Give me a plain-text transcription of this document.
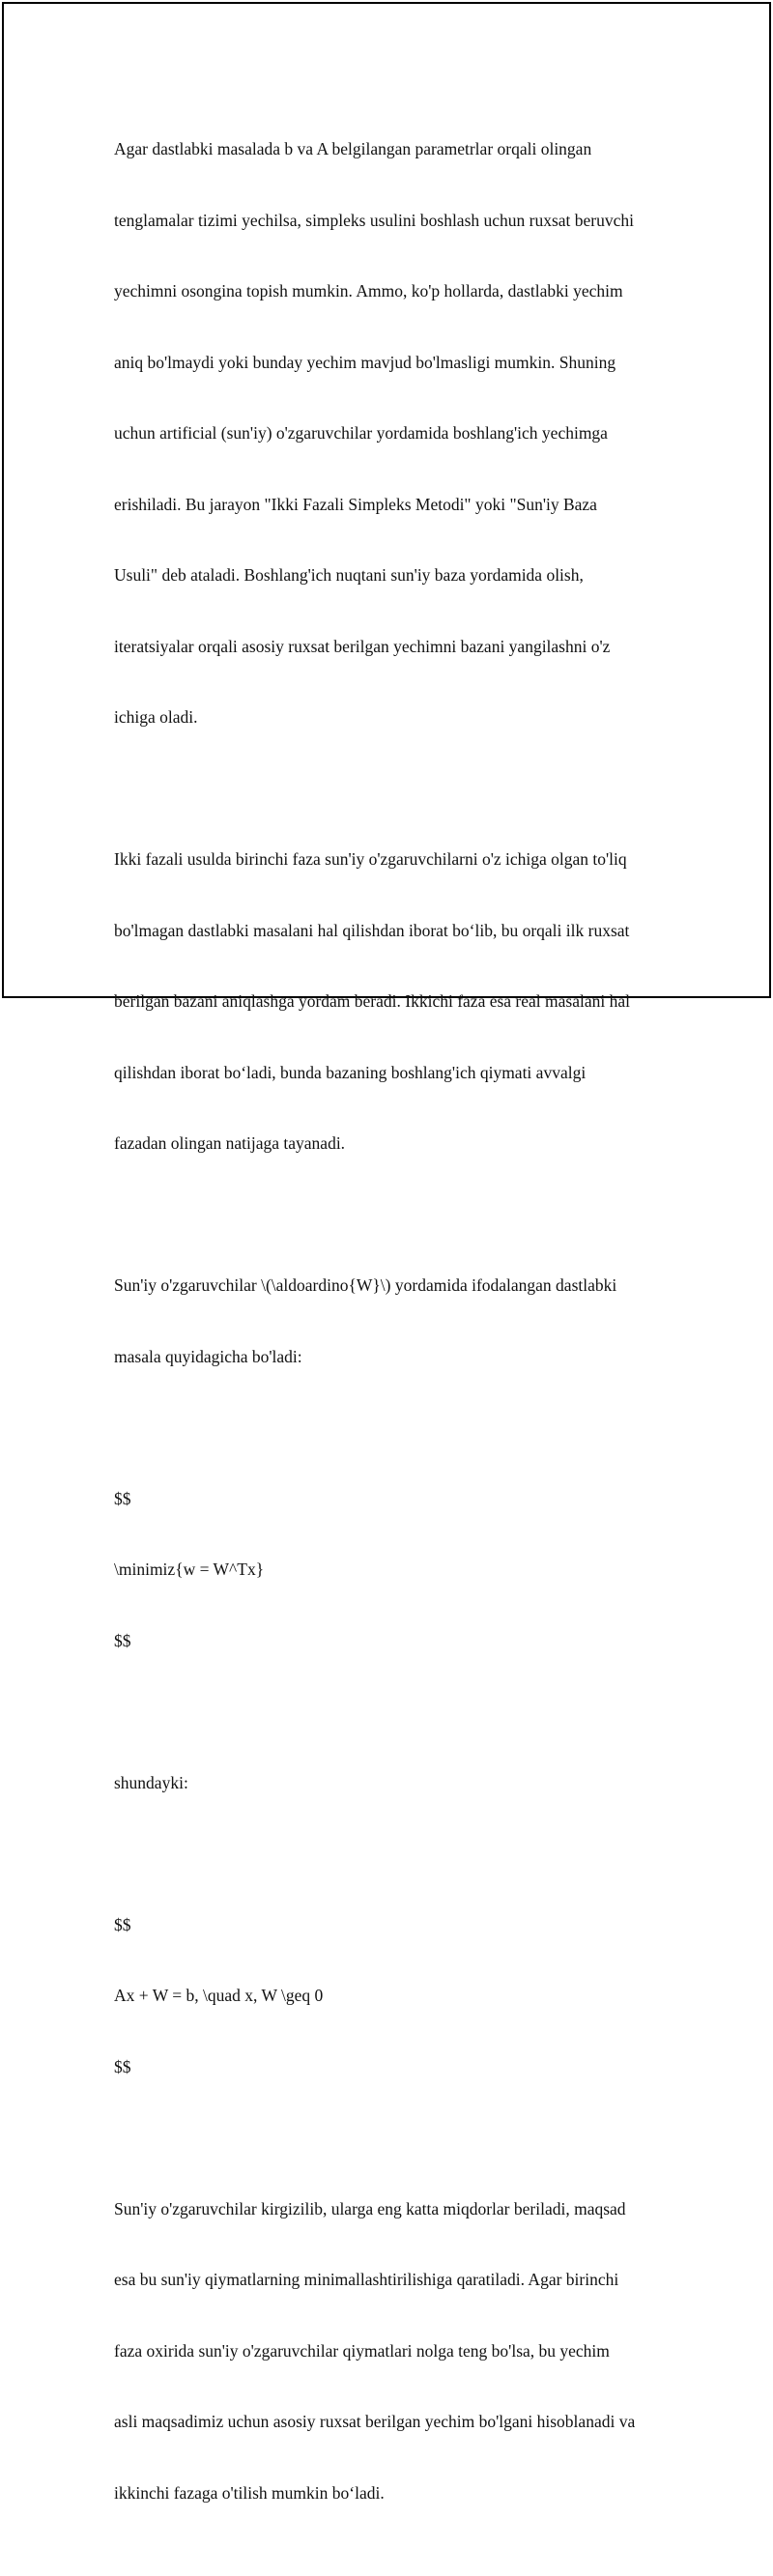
Agar dastlabki masalada b va A belgilangan parametrlar orqali olingan

tenglamalar tizimi yechilsa, simpleks usulini boshlash uchun ruxsat beruvchi

yechimni osongina topish mumkin. Ammo, ko'p hollarda, dastlabki yechim

aniq bo'lmaydi yoki bunday yechim mavjud bo'lmasligi mumkin. Shuning

uchun artificial (sun'iy) o'zgaruvchilar yordamida boshlang'ich yechimga

erishiladi. Bu jarayon "Ikki Fazali Simpleks Metodi" yoki "Sun'iy Baza

Usuli" deb ataladi. Boshlang'ich nuqtani sun'iy baza yordamida olish,

iteratsiyalar orqali asosiy ruxsat berilgan yechimni bazani yangilashni o'z

ichiga oladi.

Ikki fazali usulda birinchi faza sun'iy o'zgaruvchilarni o'z ichiga olgan to'liq

bo'lmagan dastlabki masalani hal qilishdan iborat bo‘lib, bu orqali ilk ruxsat

berilgan bazani aniqlashga yordam beradi. Ikkichi faza esa real masalani hal

qilishdan iborat bo‘ladi, bunda bazaning boshlang'ich qiymati avvalgi

fazadan olingan natijaga tayanadi.

Sun'iy o'zgaruvchilar \(\aldoardino{W}\) yordamida ifodalangan dastlabki

masala quyidagicha bo'ladi:

$$

\minimiz{w = W^Tx}

$$

shundayki:

$$

Ax + W = b, \quad x, W \geq 0

$$

Sun'iy o'zgaruvchilar kirgizilib, ularga eng katta miqdorlar beriladi, maqsad

esa bu sun'iy qiymatlarning minimallashtirilishiga qaratiladi. Agar birinchi

faza oxirida sun'iy o'zgaruvchilar qiymatlari nolga teng bo'lsa, bu yechim

asli maqsadimiz uchun asosiy ruxsat berilgan yechim bo'lgani hisoblanadi va

ikkinchi fazaga o'tilish mumkin bo‘ladi.
